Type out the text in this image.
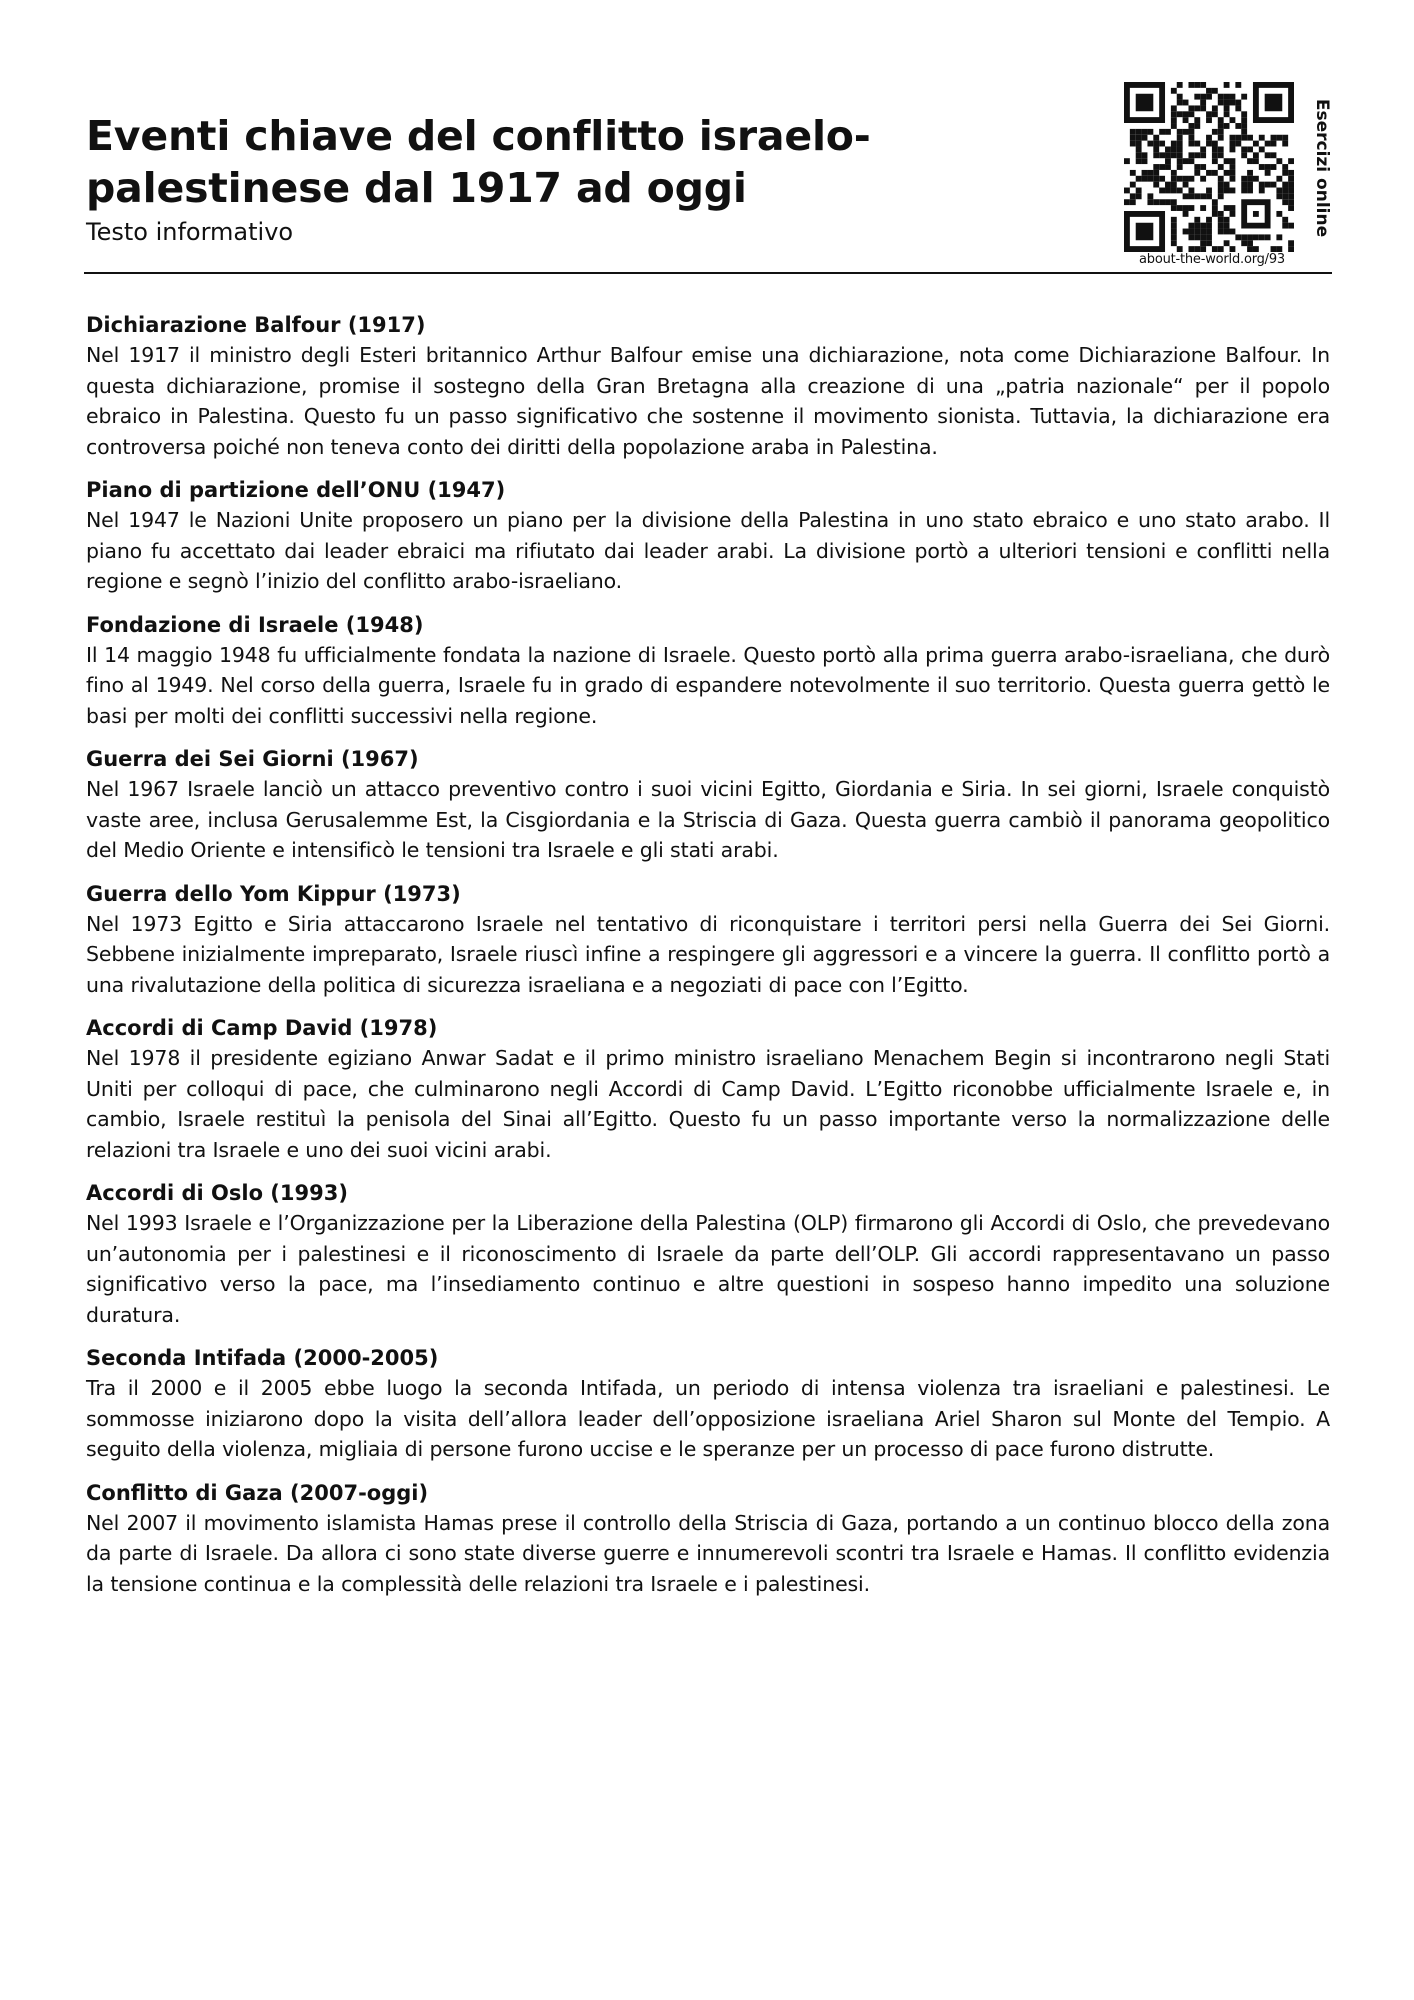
Eventi chiave del conflitto israelo-palestinese dal 1917 ad oggi
Testo informativo
about-the-world.org/93
Esercizi online
Dichiarazione Balfour (1917)

Nel 1917 il ministro degli Esteri britannico Arthur Balfour emise una dichiarazione, nota come Dichiarazione Balfour. In questa dichiarazione, promise il sostegno della Gran Bretagna alla creazione di una „patria nazionale“ per il popolo ebraico in Palestina. Questo fu un passo significativo che sostenne il movimento sionista. Tuttavia, la dichiarazione era controversa poiché non teneva conto dei diritti della popolazione araba in Palestina.

Piano di partizione dell’ONU (1947)

Nel 1947 le Nazioni Unite proposero un piano per la divisione della Palestina in uno stato ebraico e uno stato arabo. Il piano fu accettato dai leader ebraici ma rifiutato dai leader arabi. La divisione portò a ulteriori tensioni e conflitti nella regione e segnò l’inizio del conflitto arabo-israeliano.

Fondazione di Israele (1948)

Il 14 maggio 1948 fu ufficialmente fondata la nazione di Israele. Questo portò alla prima guerra arabo-israeliana, che durò fino al 1949. Nel corso della guerra, Israele fu in grado di espandere notevolmente il suo territorio. Questa guerra gettò le basi per molti dei conflitti successivi nella regione.

Guerra dei Sei Giorni (1967)

Nel 1967 Israele lanciò un attacco preventivo contro i suoi vicini Egitto, Giordania e Siria. In sei giorni, Israele conquistò vaste aree, inclusa Gerusalemme Est, la Cisgiordania e la Striscia di Gaza. Questa guerra cambiò il panorama geopolitico del Medio Oriente e intensificò le tensioni tra Israele e gli stati arabi.

Guerra dello Yom Kippur (1973)

Nel 1973 Egitto e Siria attaccarono Israele nel tentativo di riconquistare i territori persi nella Guerra dei Sei Giorni. Sebbene inizialmente impreparato, Israele riuscì infine a respingere gli aggressori e a vincere la guerra. Il conflitto portò a una rivalutazione della politica di sicurezza israeliana e a negoziati di pace con l’Egitto.

Accordi di Camp David (1978)

Nel 1978 il presidente egiziano Anwar Sadat e il primo ministro israeliano Menachem Begin si incontrarono negli Stati Uniti per colloqui di pace, che culminarono negli Accordi di Camp David. L’Egitto riconobbe ufficialmente Israele e, in cambio, Israele restituì la penisola del Sinai all’Egitto. Questo fu un passo importante verso la normalizzazione delle relazioni tra Israele e uno dei suoi vicini arabi.

Accordi di Oslo (1993)

Nel 1993 Israele e l’Organizzazione per la Liberazione della Palestina (OLP) firmarono gli Accordi di Oslo, che prevedevano un’autonomia per i palestinesi e il riconoscimento di Israele da parte dell’OLP. Gli accordi rappresentavano un passo significativo verso la pace, ma l’insediamento continuo e altre questioni in sospeso hanno impedito una soluzione duratura.

Seconda Intifada (2000-2005)

Tra il 2000 e il 2005 ebbe luogo la seconda Intifada, un periodo di intensa violenza tra israeliani e palestinesi. Le sommosse iniziarono dopo la visita dell’allora leader dell’opposizione israeliana Ariel Sharon sul Monte del Tempio. A seguito della violenza, migliaia di persone furono uccise e le speranze per un processo di pace furono distrutte.

Conflitto di Gaza (2007-oggi)

Nel 2007 il movimento islamista Hamas prese il controllo della Striscia di Gaza, portando a un continuo blocco della zona da parte di Israele. Da allora ci sono state diverse guerre e innumerevoli scontri tra Israele e Hamas. Il conflitto evidenzia la tensione continua e la complessità delle relazioni tra Israele e i palestinesi.
